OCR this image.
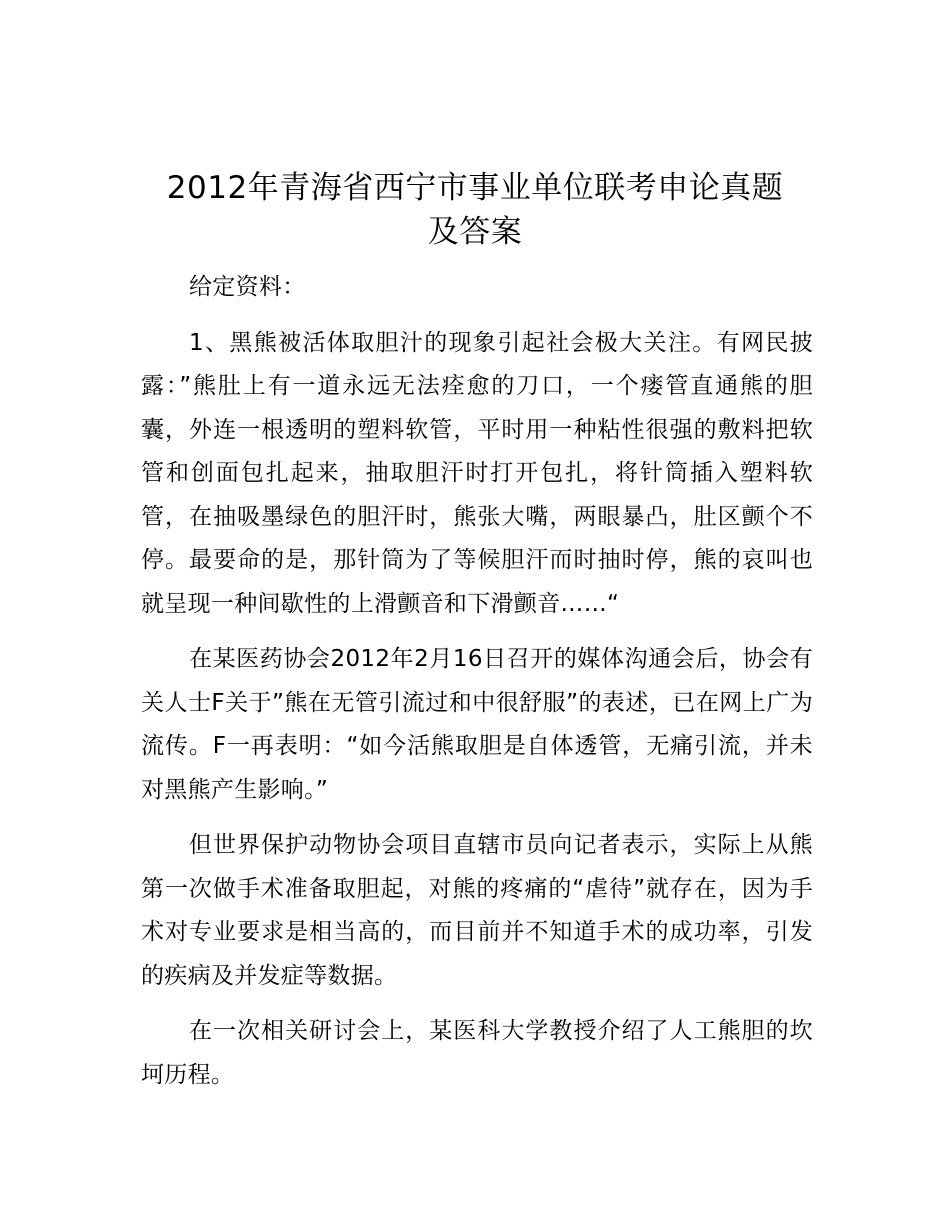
2012年青海省西宁市事业单位联考申论真题
及答案

给定资料：

1、黑熊被活体取胆汁的现象引起社会极大关注。有网民披露：”熊肚上有一道永远无法痊愈的刀口，一个瘘管直通熊的胆囊，外连一根透明的塑料软管，平时用一种粘性很强的敷料把软管和创面包扎起来，抽取胆汗时打开包扎，将针筒插入塑料软管，在抽吸墨绿色的胆汗时，熊张大嘴，两眼暴凸，肚区颤个不停。最要命的是，那针筒为了等候胆汗而时抽时停，熊的哀叫也就呈现一种间歇性的上滑颤音和下滑颤音……“

在某医药协会2012年2月16日召开的媒体沟通会后，协会有关人士F关于”熊在无管引流过和中很舒服”的表述，已在网上广为流传。F一再表明：“如今活熊取胆是自体透管，无痛引流，并未对黑熊产生影响。”

但世界保护动物协会项目直辖市员向记者表示，实际上从熊第一次做手术准备取胆起，对熊的疼痛的“虐待”就存在，因为手术对专业要求是相当高的，而目前并不知道手术的成功率，引发的疾病及并发症等数据。

在一次相关研讨会上，某医科大学教授介绍了人工熊胆的坎坷历程。
